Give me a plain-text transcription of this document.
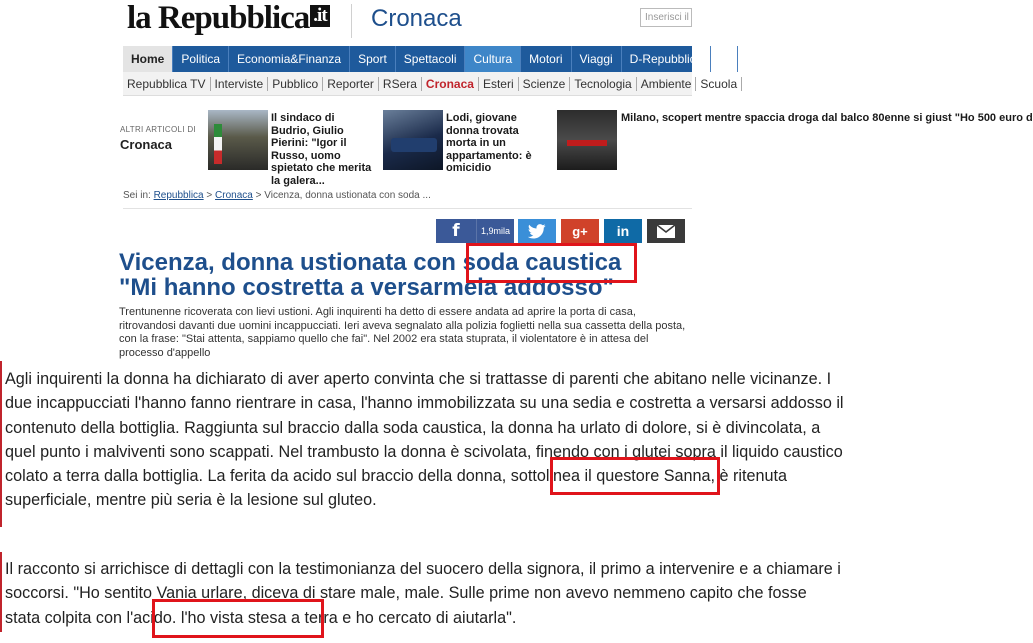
la Repubblica .it Cronaca	Inserisci il
Home	Politica	Economia&Finanza	Sport	Spettacoli	Cultura	Motori	Viaggi	D-Repubblica	G
Repubblica TV Interviste Pubblico Reporter RSera Cronaca Esteri Scienze Tecnologia Ambiente Scuola
ALTRI ARTICOLI DI
Cronaca
Il sindaco di Budrio, Giulio Pierini: "Igor il Russo, uomo spietato che merita la galera...
Lodi, giovane donna trovata morta in un appartamento: è omicidio
Milano, scopert mentre spaccia droga dal balco 80enne si giust "Ho 500 euro d
Sei in: Repubblica > Cronaca > Vicenza, donna ustionata con soda ...
f	1,9mila	g+ in
Vicenza, donna ustionata con soda caustica
"Mi hanno costretta a versarmela addosso"
Trentunenne ricoverata con lievi ustioni. Agli inquirenti ha detto di essere andata ad aprire la porta di casa, ritrovandosi davanti due uomini incappucciati. Ieri aveva segnalato alla polizia foglietti nella sua cassetta della posta, con la frase: "Stai attenta, sappiamo quello che fai". Nel 2002 era stata stuprata, il violentatore è in attesa del processo d'appello
Agli inquirenti la donna ha dichiarato di aver aperto convinta che si trattasse di parenti che abitano nelle vicinanze. I due incappucciati l'hanno fanno rientrare in casa, l'hanno immobilizzata su una sedia e costretta a versarsi addosso il contenuto della bottiglia. Raggiunta sul braccio dalla soda caustica, la donna ha urlato di dolore, si è divincolata, a quel punto i malviventi sono scappati. Nel trambusto la donna è scivolata, finendo con i glutei sopra il liquido caustico colato a terra dalla bottiglia. La ferita da acido sul braccio della donna, sottolinea il questore Sanna, è ritenuta superficiale, mentre più seria è la lesione sul gluteo.
Il racconto si arrichisce di dettagli con la testimonianza del suocero della signora, il primo a intervenire e a chiamare i soccorsi. "Ho sentito Vania urlare, diceva di stare male, male. Sulle prime non avevo nemmeno capito che fosse stata colpita con l'acido. l'ho vista stesa a terra e ho cercato di aiutarla".
